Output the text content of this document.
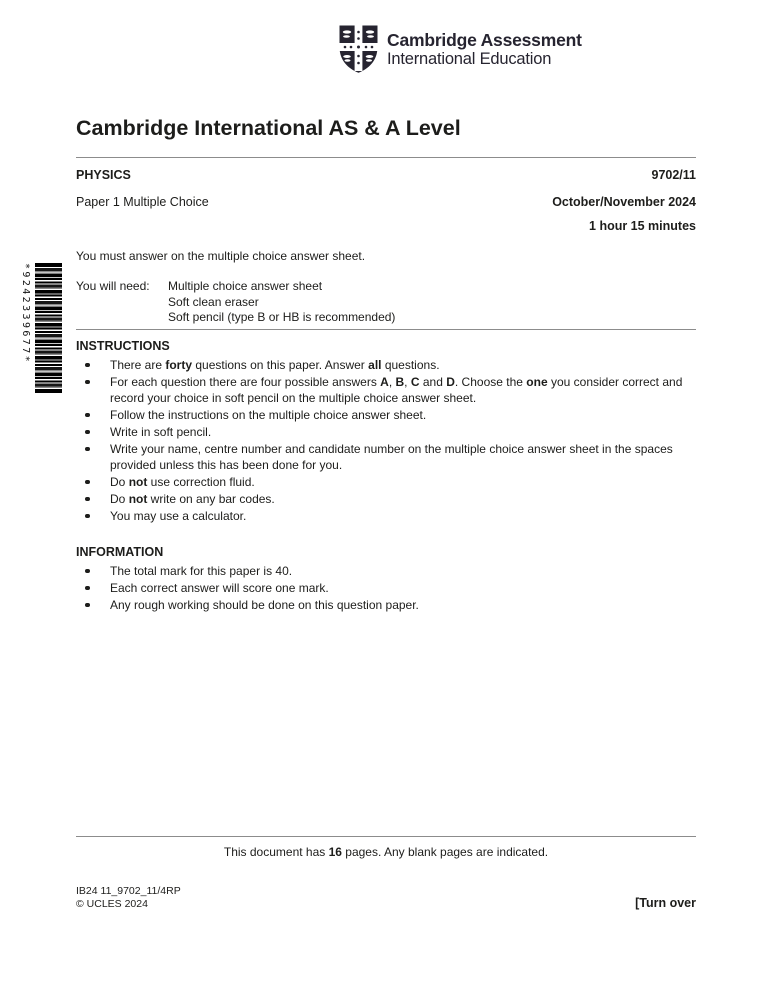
Cambridge Assessment
International Education
*9242339677*
Cambridge International AS & A Level
PHYSICS	9702/11
Paper 1 Multiple Choice	October/November 2024
1 hour 15 minutes

You must answer on the multiple choice answer sheet.

You will need:	Multiple choice answer sheet
Soft clean eraser
Soft pencil (type B or HB is recommended)
INSTRUCTIONS
There are forty questions on this paper. Answer all questions.
For each question there are four possible answers A, B, C and D. Choose the one you consider correct and record your choice in soft pencil on the multiple choice answer sheet.
Follow the instructions on the multiple choice answer sheet.
Write in soft pencil.
Write your name, centre number and candidate number on the multiple choice answer sheet in the spaces provided unless this has been done for you.
Do not use correction fluid.
Do not write on any bar codes.
You may use a calculator.
INFORMATION
The total mark for this paper is 40.
Each correct answer will score one mark.
Any rough working should be done on this question paper.

This document has 16 pages. Any blank pages are indicated.

IB24 11_9702_11/4RP
© UCLES 2024	[Turn over
